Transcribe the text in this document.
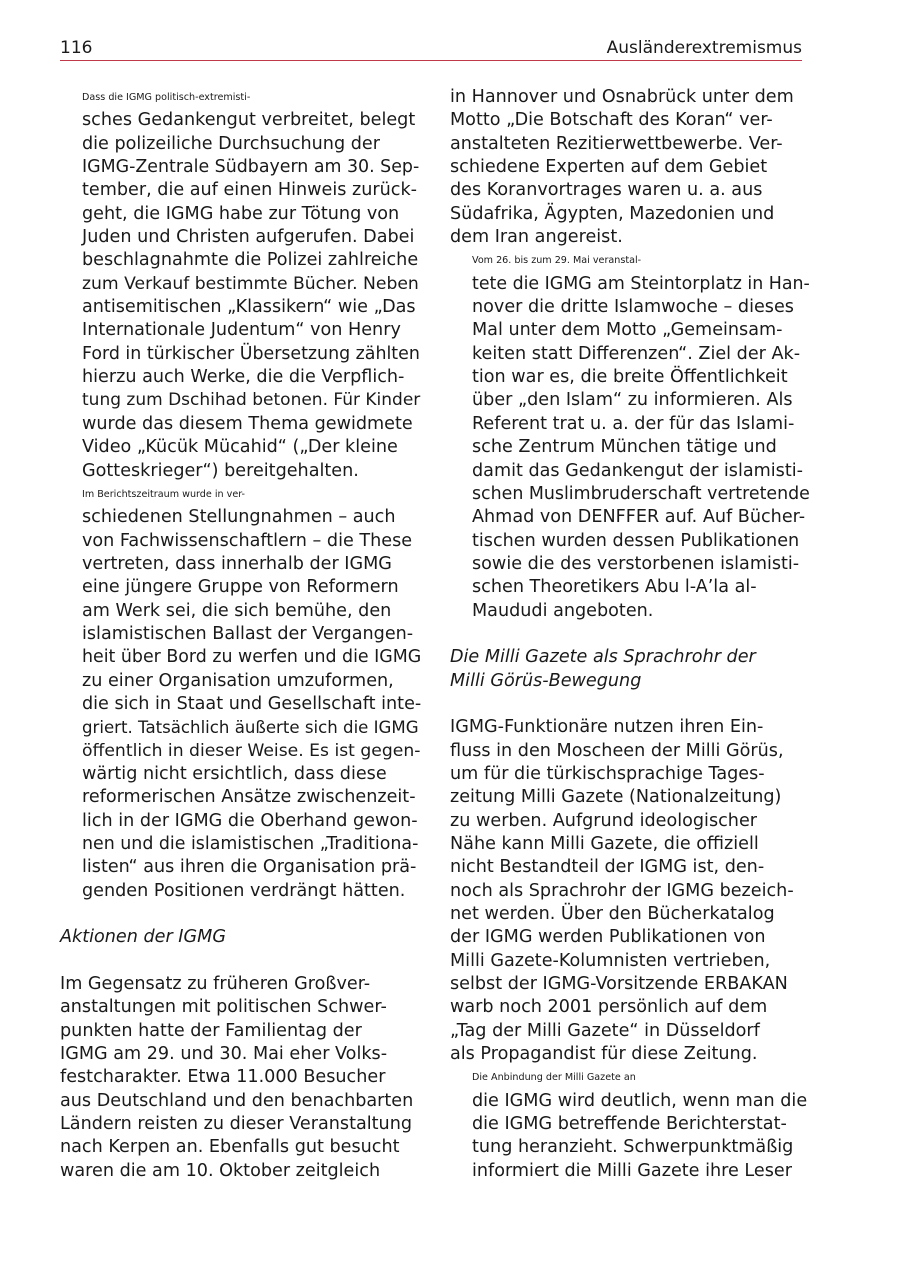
116	Ausländerextremismus

Dass die IGMG politisch-extremisti-
sches Gedankengut verbreitet, belegt
die polizeiliche Durchsuchung der
IGMG-Zentrale Südbayern am 30. Sep-
tember, die auf einen Hinweis zurück-
geht, die IGMG habe zur Tötung von
Juden und Christen aufgerufen. Dabei
beschlagnahmte die Polizei zahlreiche
zum Verkauf bestimmte Bücher. Neben
antisemitischen „Klassikern“ wie „Das
Internationale Judentum“ von Henry
Ford in türkischer Übersetzung zählten
hierzu auch Werke, die die Verpflich-
tung zum Dschihad betonen. Für Kinder
wurde das diesem Thema gewidmete
Video „Kücük Mücahid“ („Der kleine
Gotteskrieger“) bereitgehalten.

Im Berichtszeitraum wurde in ver-
schiedenen Stellungnahmen – auch
von Fachwissenschaftlern – die These
vertreten, dass innerhalb der IGMG
eine jüngere Gruppe von Reformern
am Werk sei, die sich bemühe, den
islamistischen Ballast der Vergangen-
heit über Bord zu werfen und die IGMG
zu einer Organisation umzuformen,
die sich in Staat und Gesellschaft inte-
griert. Tatsächlich äußerte sich die IGMG
öffentlich in dieser Weise. Es ist gegen-
wärtig nicht ersichtlich, dass diese
reformerischen Ansätze zwischenzeit-
lich in der IGMG die Oberhand gewon-
nen und die islamistischen „Traditiona-
listen“ aus ihren die Organisation prä-
genden Positionen verdrängt hätten.

Aktionen der IGMG

Im Gegensatz zu früheren Großver-
anstaltungen mit politischen Schwer-
punkten hatte der Familientag der
IGMG am 29. und 30. Mai eher Volks-
festcharakter. Etwa 11.000 Besucher
aus Deutschland und den benachbarten
Ländern reisten zu dieser Veranstaltung
nach Kerpen an. Ebenfalls gut besucht
waren die am 10. Oktober zeitgleich

in Hannover und Osnabrück unter dem
Motto „Die Botschaft des Koran“ ver-
anstalteten Rezitierwettbewerbe. Ver-
schiedene Experten auf dem Gebiet
des Koranvortrages waren u. a. aus
Südafrika, Ägypten, Mazedonien und
dem Iran angereist.

Vom 26. bis zum 29. Mai veranstal-
tete die IGMG am Steintorplatz in Han-
nover die dritte Islamwoche – dieses
Mal unter dem Motto „Gemeinsam-
keiten statt Differenzen“. Ziel der Ak-
tion war es, die breite Öffentlichkeit
über „den Islam“ zu informieren. Als
Referent trat u. a. der für das Islami-
sche Zentrum München tätige und
damit das Gedankengut der islamisti-
schen Muslimbruderschaft vertretende
Ahmad von DENFFER auf. Auf Bücher-
tischen wurden dessen Publikationen
sowie die des verstorbenen islamisti-
schen Theoretikers Abu l-A’la al-
Maududi angeboten.

Die Milli Gazete als Sprachrohr der
Milli Görüs-Bewegung

IGMG-Funktionäre nutzen ihren Ein-
fluss in den Moscheen der Milli Görüs,
um für die türkischsprachige Tages-
zeitung Milli Gazete (Nationalzeitung)
zu werben. Aufgrund ideologischer
Nähe kann Milli Gazete, die offiziell
nicht Bestandteil der IGMG ist, den-
noch als Sprachrohr der IGMG bezeich-
net werden. Über den Bücherkatalog
der IGMG werden Publikationen von
Milli Gazete-Kolumnisten vertrieben,
selbst der IGMG-Vorsitzende ERBAKAN
warb noch 2001 persönlich auf dem
„Tag der Milli Gazete“ in Düsseldorf
als Propagandist für diese Zeitung.

Die Anbindung der Milli Gazete an
die IGMG wird deutlich, wenn man die
die IGMG betreffende Berichterstat-
tung heranzieht. Schwerpunktmäßig
informiert die Milli Gazete ihre Leser
